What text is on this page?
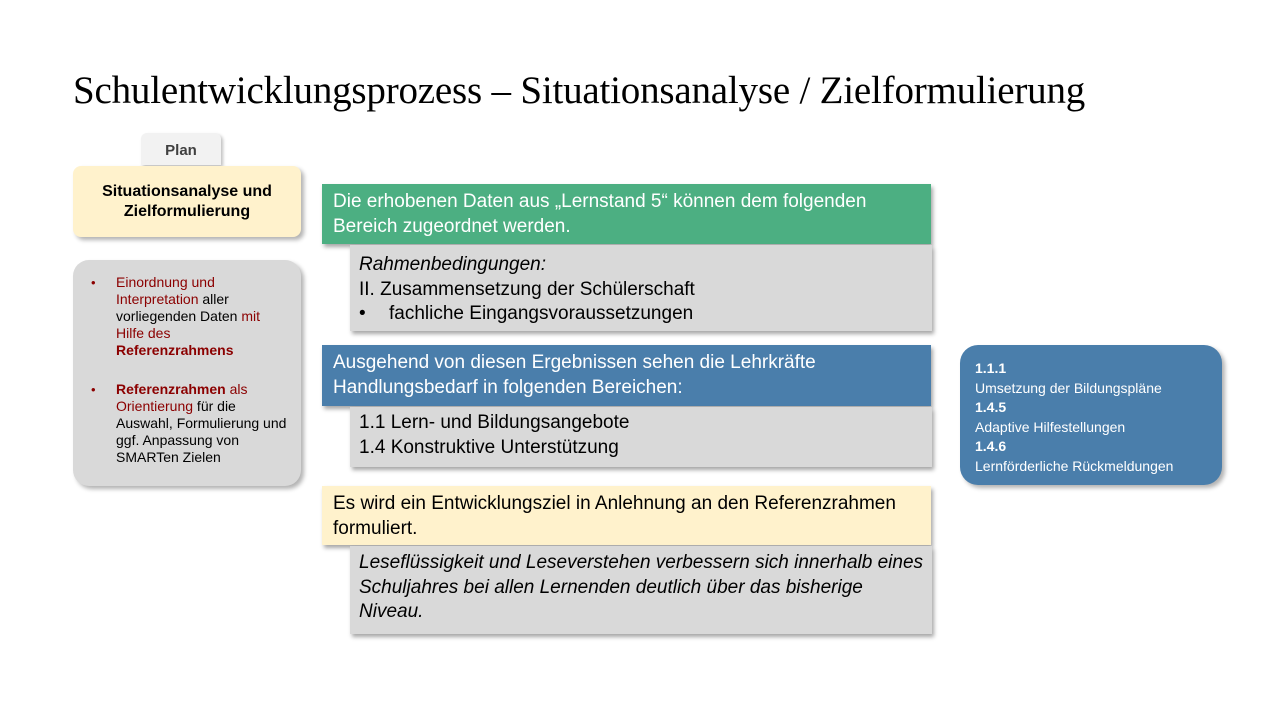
Schulentwicklungsprozess – Situationsanalyse / Zielformulierung
Plan
Situationsanalyse und
Zielformulierung
• Einordnung und Interpretation aller vorliegenden Daten mit Hilfe des Referenzrahmens
• Referenzrahmen als Orientierung für die Auswahl, Formulierung und ggf. Anpassung von SMARTen Zielen
Die erhobenen Daten aus „Lernstand 5“ können dem folgenden Bereich zugeordnet werden.
Rahmenbedingungen:
II. Zusammensetzung der Schülerschaft
• fachliche Eingangsvoraussetzungen
Ausgehend von diesen Ergebnissen sehen die Lehrkräfte Handlungsbedarf in folgenden Bereichen:
1.1 Lern- und Bildungsangebote
1.4 Konstruktive Unterstützung
Es wird ein Entwicklungsziel in Anlehnung an den Referenzrahmen formuliert.
Leseflüssigkeit und Leseverstehen verbessern sich innerhalb eines Schuljahres bei allen Lernenden deutlich über das bisherige Niveau.
1.1.1
Umsetzung der Bildungspläne
1.4.5
Adaptive Hilfestellungen
1.4.6
Lernförderliche Rückmeldungen
